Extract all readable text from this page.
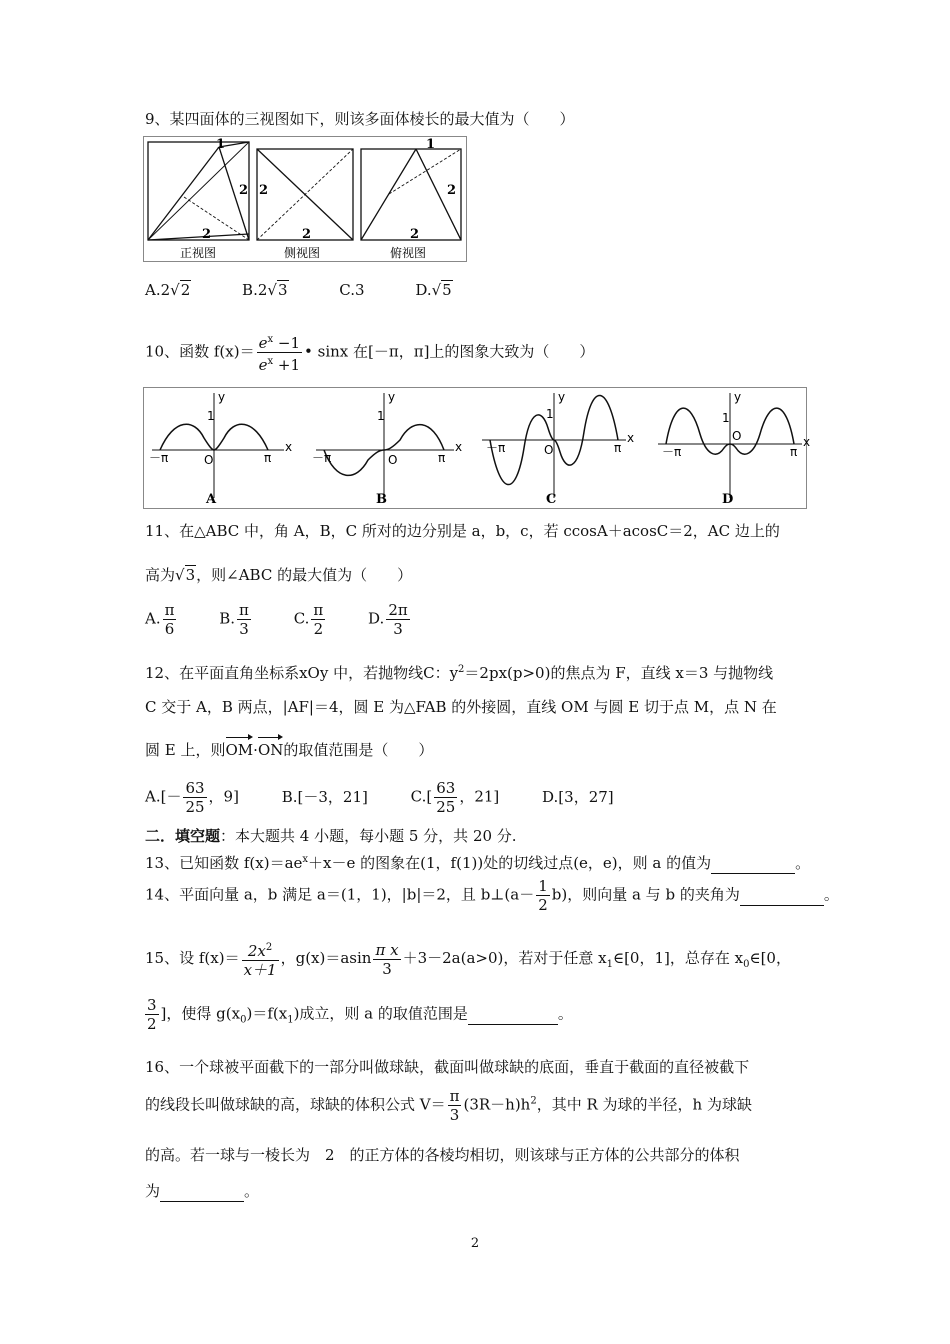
9、某四面体的三视图如下，则该多面体棱长的最大值为（　　）
1
2
2
2
2
1
2
2
正视图	侧视图	俯视图
A.2√2	B.2√3	C.3	D.√5
10、函数 $f(x)= \frac{e^x -1}{e^x +1}$ • sinx 在[－π，π]上的图象大致为（　　）
y
x
O
－π	π
1
A
y
x
O
－π	π
1
B
y
x
O
－π	π
1
C
y
x
O
－π	π
1
D
11、在△ABC 中，角 A，B，C 所对的边分别是 a，b，c，若 ccosA＋acosC＝2，AC 边上的
高为√3，则∠ABC 的最大值为（　　）
A. $\frac{\pi}{6}$	B. $\frac{\pi}{3}$	C. $\frac{\pi}{2}$	D. $\frac{2\pi}{3}$
12、在平面直角坐标系xOy 中，若抛物线C：$y^2=2px(p>0)$的焦点为 F，直线 x＝3 与抛物线
C 交于 A，B 两点，|AF|＝4，圆 E 为△FAB 的外接圆，直线 OM 与圆 E 切于点 M，点 N 在
圆 E 上，则OM·ON的取值范围是（　　）
$A.[- \frac{63}{25}$ ，9]	B.[－3，21]	$C.[ \frac{63}{25}$ ，21]	D.[3，27]
二．填空题：本大题共 4 小题，每小题 5 分，共 20 分.
13、已知函数 $f(x)=ae^x+x-e$ 的图象在(1，f(1))处的切线过点(e，e)，则 a 的值为	。
14、平面向量 a，b 满足 a＝(1，1)，|b|＝2，且 b⊥(a－ $\frac{1}{2} b$)，则向量 a 与 b 的夹角为	。
15、设 $f(x)= \frac{2x^2}{x+1}$ ，$g(x)=asin \frac{\text{π x}}{3} +3-2a(a>0)$，若对于任意 $x_1\in[0$，1]，总存在 $x_0\in[0$，
$\frac{3}{2}$ ]，使得 $g(x_0)=f(x_1)$成立，则 a 的取值范围是	。
16、一个球被平面截下的一部分叫做球缺，截面叫做球缺的底面，垂直于截面的直径被截下
的线段长叫做球缺的高，球缺的体积公式 $V= \frac{\pi}{3} (3R-h)h^2$，其中 R 为球的半径，h 为球缺
的高。若一球与一棱长为　2　的正方体的各棱均相切，则该球与正方体的公共部分的体积
为	。
2
